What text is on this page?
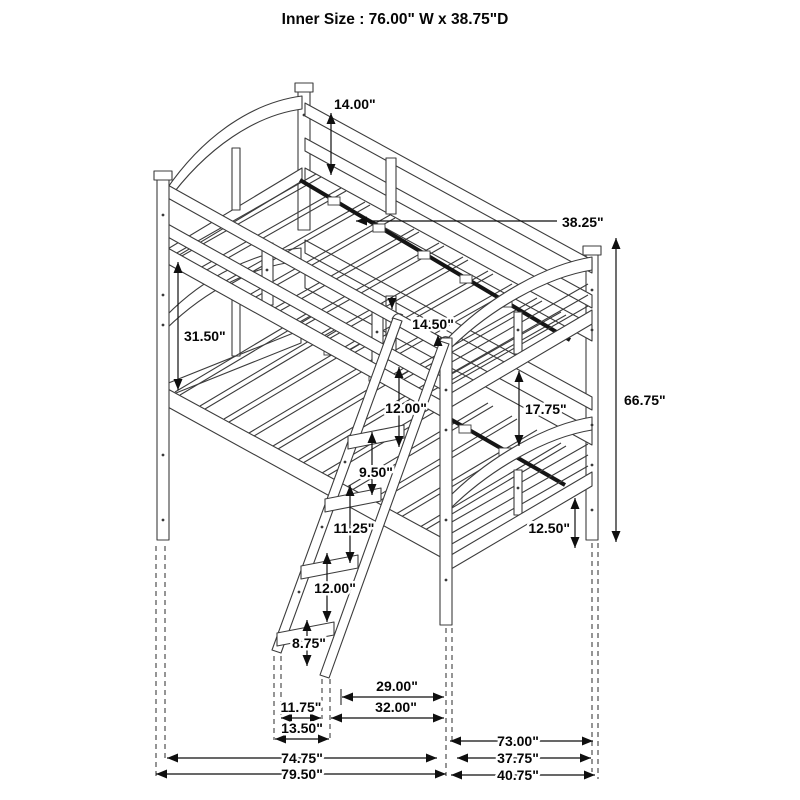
14.00"
38.25"
31.50"
14.50"
12.00"
9.50"
11.25"
12.00"
8.75"
17.75"
66.75"
12.50"
29.00"
11.75"	32.00"
13.50"
73.00"
74.75"	37.75"
79.50"	40.75"
Inner Size : 76.00" W x 38.75"D
